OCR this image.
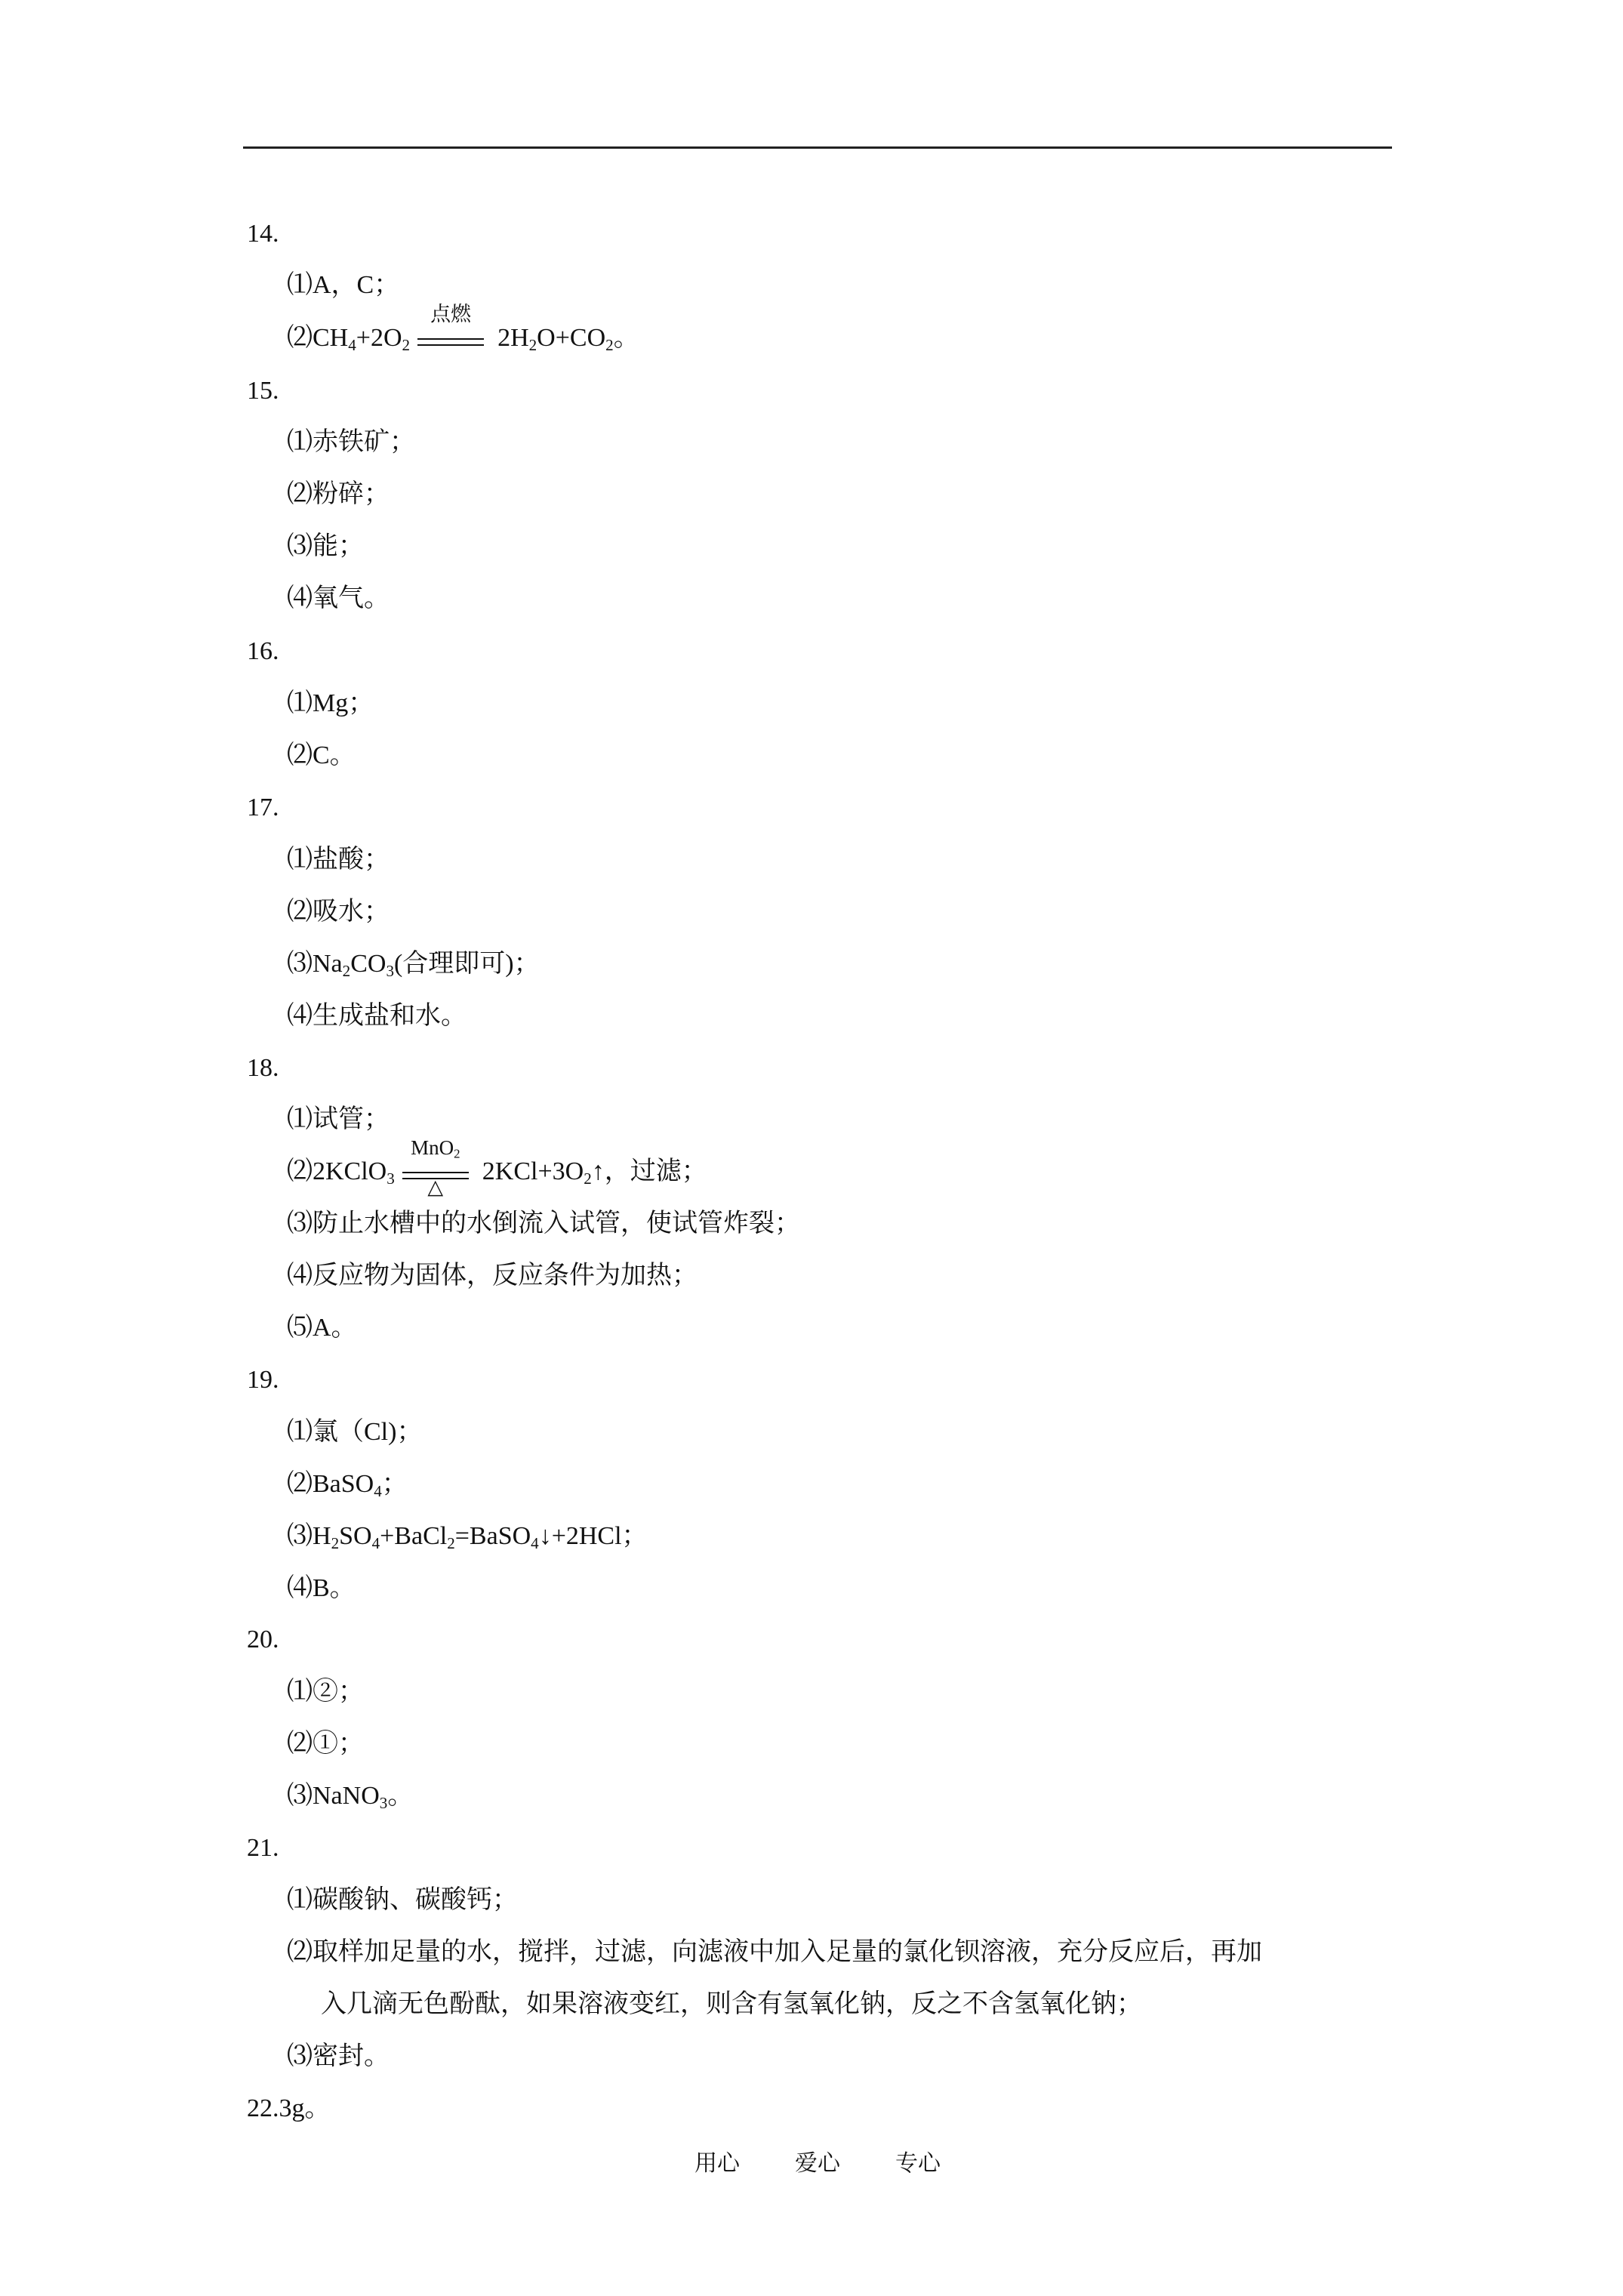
14.
⑴A，C；
$⑵CH_4+2O_2$
点燃
$2H_2O+CO_2$。
15.
⑴赤铁矿；
⑵粉碎；
⑶能；
⑷氧气。
16.
⑴Mg；
⑵C。
17.
⑴盐酸；
⑵吸水；
$⑶Na_2CO_3$(合理即可)；
⑷生成盐和水。
18.
⑴试管；
⑵2KClO$_3$
MnO$_2$
△
$2KCl+3O_2↑$，过滤；
⑶防止水槽中的水倒流入试管，使试管炸裂；
⑷反应物为固体，反应条件为加热；
⑸A。
19.
⑴氯（Cl)；
⑵BaSO$_4$；
$⑶H_2SO_4+BaCl_2=BaSO_4↓+2HCl$；
⑷B。
20.
⑴②；
⑵①；
⑶NaNO$_3$。
21.
⑴碳酸钠、碳酸钙；
⑵取样加足量的水，搅拌，过滤，向滤液中加入足量的氯化钡溶液，充分反应后，再加
入几滴无色酚酞，如果溶液变红，则含有氢氧化钠，反之不含氢氧化钠；
⑶密封。
22.3g。
用心 爱心 专心
